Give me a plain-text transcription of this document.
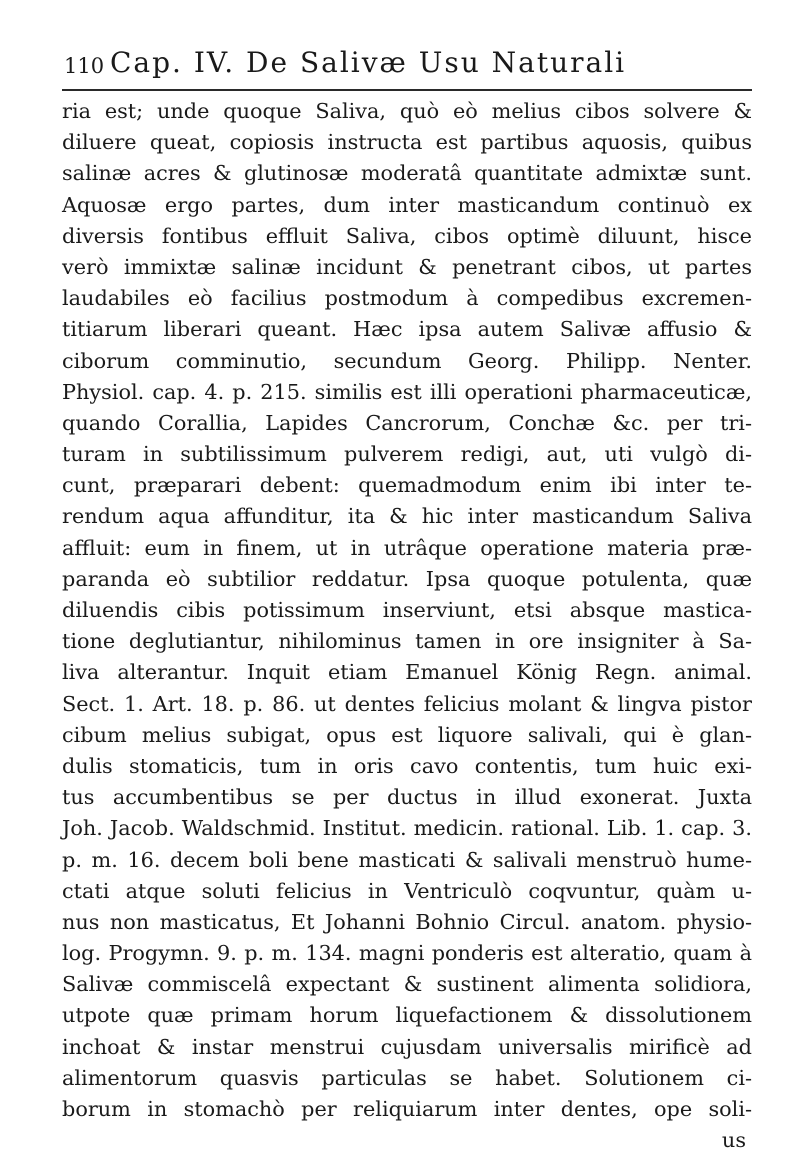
110 Cap. IV. De Salivæ Usu Naturali
ria est; unde quoque Saliva, quò eò melius cibos solvere &
diluere queat, copiosis instructa est partibus aquosis, quibus
salinæ acres & glutinosæ moderatâ quantitate admixtæ sunt.
Aquosæ ergo partes, dum inter masticandum continuò ex
diversis fontibus effluit Saliva, cibos optimè diluunt, hisce
verò immixtæ salinæ incidunt & penetrant cibos, ut partes
laudabiles eò facilius postmodum à compedibus excremen-
titiarum liberari queant. Hæc ipsa autem Salivæ affusio &
ciborum comminutio, secundum Georg. Philipp. Nenter.
Physiol. cap. 4. p. 215. similis est illi operationi pharmaceuticæ,
quando Corallia, Lapides Cancrorum, Conchæ &c. per tri-
turam in subtilissimum pulverem redigi, aut, uti vulgò di-
cunt, præparari debent: quemadmodum enim ibi inter te-
rendum aqua affunditur, ita & hic inter masticandum Saliva
affluit: eum in finem, ut in utrâque operatione materia præ-
paranda eò subtilior reddatur. Ipsa quoque potulenta, quæ
diluendis cibis potissimum inserviunt, etsi absque mastica-
tione deglutiantur, nihilominus tamen in ore insigniter à Sa-
liva alterantur. Inquit etiam Emanuel König Regn. animal.
Sect. 1. Art. 18. p. 86. ut dentes felicius molant & lingva pistor
cibum melius subigat, opus est liquore salivali, qui è glan-
dulis stomaticis, tum in oris cavo contentis, tum huic exi-
tus accumbentibus se per ductus in illud exonerat. Juxta
Joh. Jacob. Waldschmid. Institut. medicin. rational. Lib. 1. cap. 3.
p. m. 16. decem boli bene masticati & salivali menstruò hume-
ctati atque soluti felicius in Ventriculò coqvuntur, quàm u-
nus non masticatus, Et Johanni Bohnio Circul. anatom. physio-
log. Progymn. 9. p. m. 134. magni ponderis est alteratio, quam à
Salivæ commiscelâ expectant & sustinent alimenta solidiora,
utpote quæ primam horum liquefactionem & dissolutionem
inchoat & instar menstrui cujusdam universalis mirificè ad
alimentorum quasvis particulas se habet. Solutionem ci-
borum in stomachò per reliquiarum inter dentes, ope soli-
us
